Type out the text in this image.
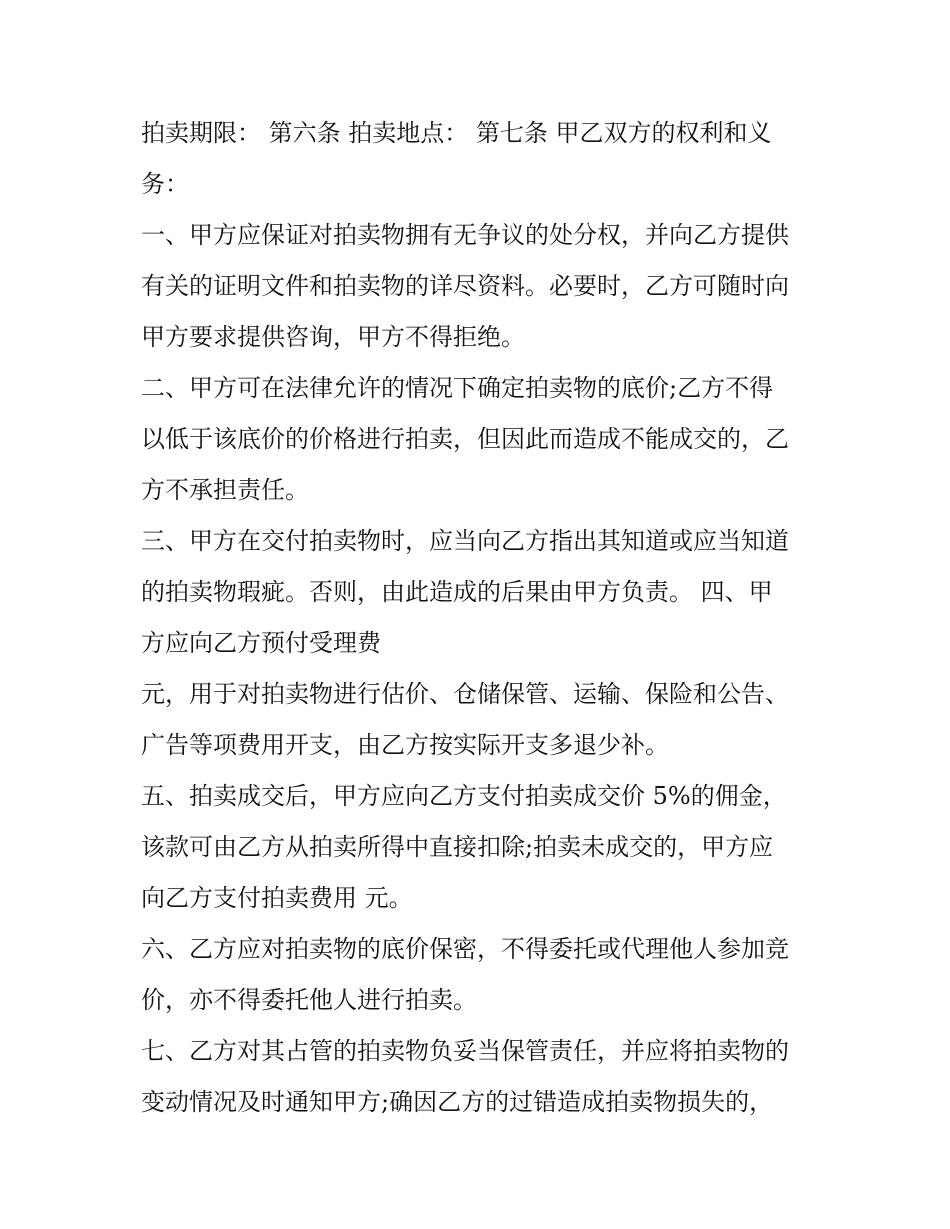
拍卖期限： 第六条 拍卖地点： 第七条 甲乙双方的权利和义

务：

一、甲方应保证对拍卖物拥有无争议的处分权，并向乙方提供

有关的证明文件和拍卖物的详尽资料。必要时，乙方可随时向

甲方要求提供咨询，甲方不得拒绝。

二、甲方可在法律允许的情况下确定拍卖物的底价;乙方不得

以低于该底价的价格进行拍卖，但因此而造成不能成交的，乙

方不承担责任。

三、甲方在交付拍卖物时，应当向乙方指出其知道或应当知道

的拍卖物瑕疵。否则，由此造成的后果由甲方负责。 四、甲

方应向乙方预付受理费

元，用于对拍卖物进行估价、仓储保管、运输、保险和公告、

广告等项费用开支，由乙方按实际开支多退少补。

五、拍卖成交后，甲方应向乙方支付拍卖成交价 5%的佣金，

该款可由乙方从拍卖所得中直接扣除;拍卖未成交的，甲方应

向乙方支付拍卖费用 元。

六、乙方应对拍卖物的底价保密，不得委托或代理他人参加竞

价，亦不得委托他人进行拍卖。

七、乙方对其占管的拍卖物负妥当保管责任，并应将拍卖物的

变动情况及时通知甲方;确因乙方的过错造成拍卖物损失的，
